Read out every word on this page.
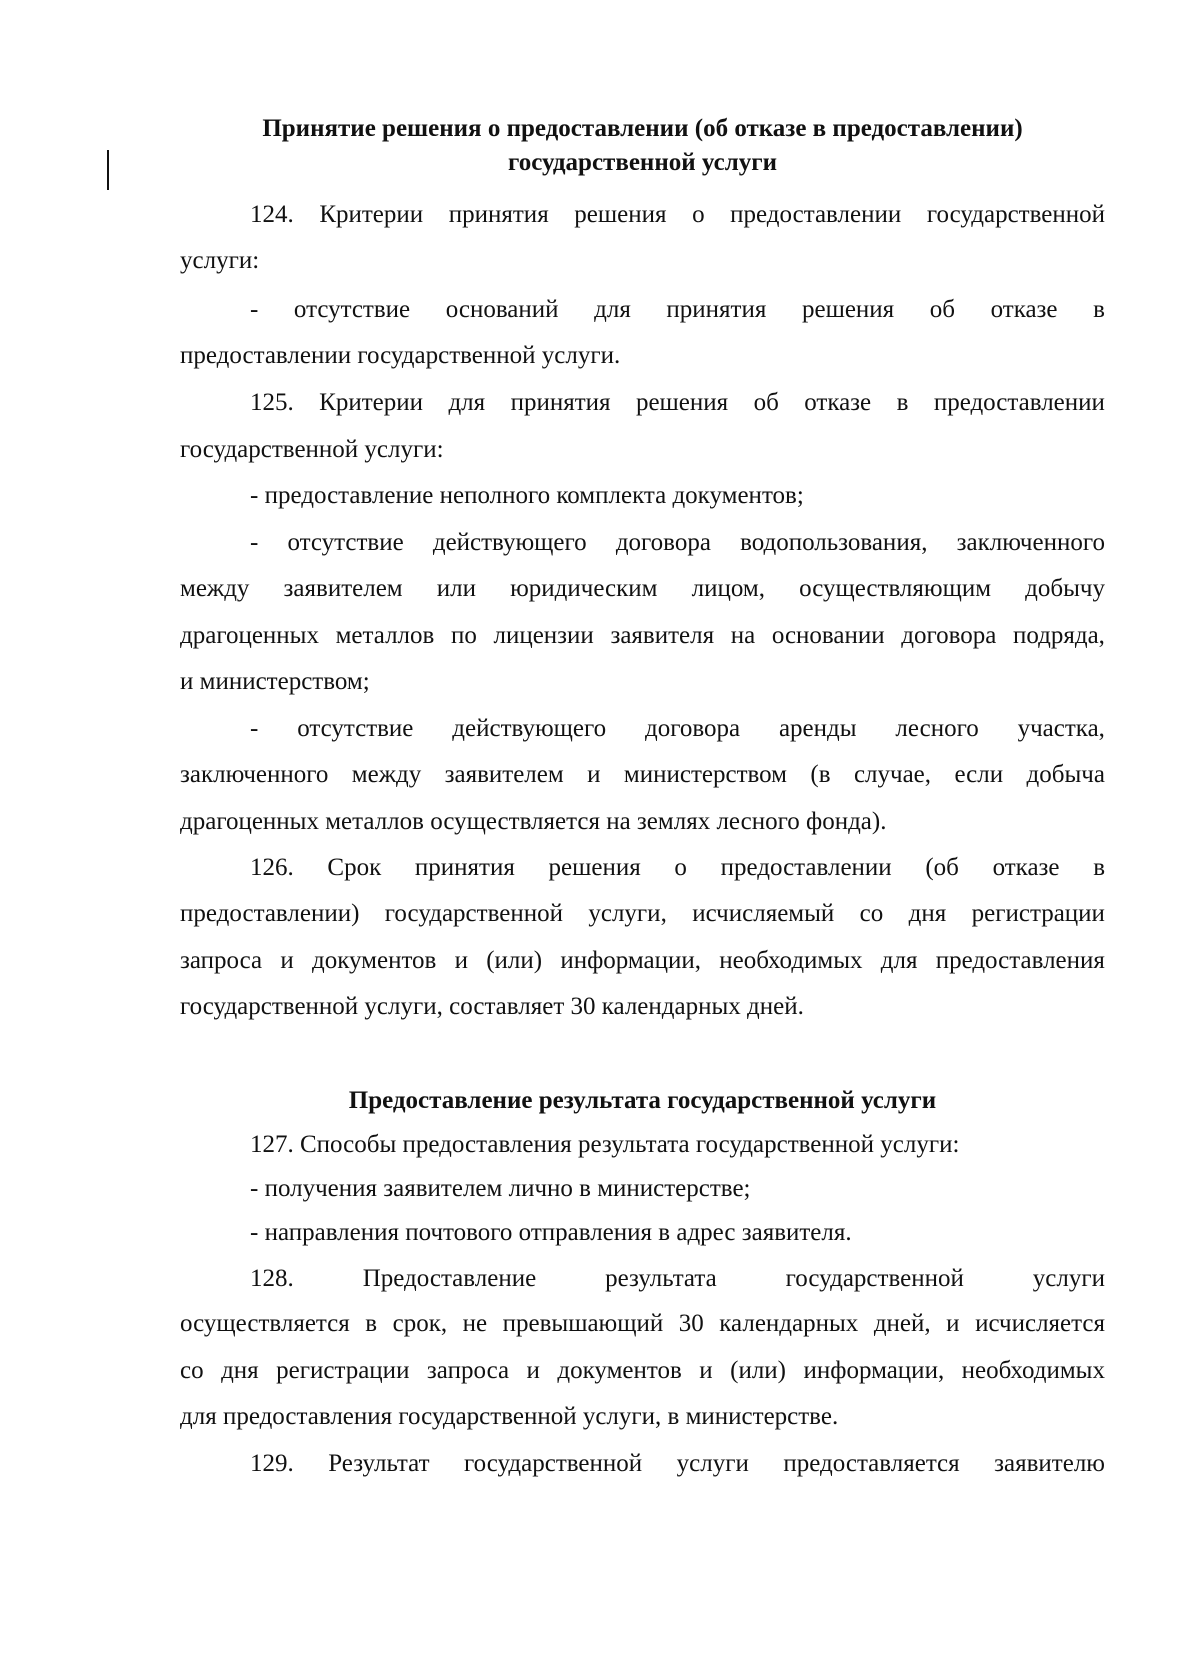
Принятие решения о предоставлении (об отказе в предоставлении)
государственной услуги
124. Критерии принятия решения о предоставлении государственной

услуги:

- отсутствие оснований для принятия решения об отказе в

предоставлении государственной услуги.

125. Критерии для принятия решения об отказе в предоставлении

государственной услуги:

- предоставление неполного комплекта документов;

- отсутствие действующего договора водопользования, заключенного
между заявителем или юридическим лицом, осуществляющим добычу
драгоценных металлов по лицензии заявителя на основании договора подряда,

и министерством;

- отсутствие действующего договора аренды лесного участка,
заключенного между заявителем и министерством (в случае, если добыча

драгоценных металлов осуществляется на землях лесного фонда).

126. Срок принятия решения о предоставлении (об отказе в
предоставлении) государственной услуги, исчисляемый со дня регистрации
запроса и документов и (или) информации, необходимых для предоставления

государственной услуги, составляет 30 календарных дней.

Предоставление результата государственной услуги

127. Способы предоставления результата государственной услуги:

- получения заявителем лично в министерстве;

- направления почтового отправления в адрес заявителя.

128.	Предоставление	результата	государственной	услуги
осуществляется в срок, не превышающий 30 календарных дней, и исчисляется
со дня регистрации запроса и документов и (или) информации, необходимых

для предоставления государственной услуги, в министерстве.

129. Результат государственной услуги предоставляется заявителю
